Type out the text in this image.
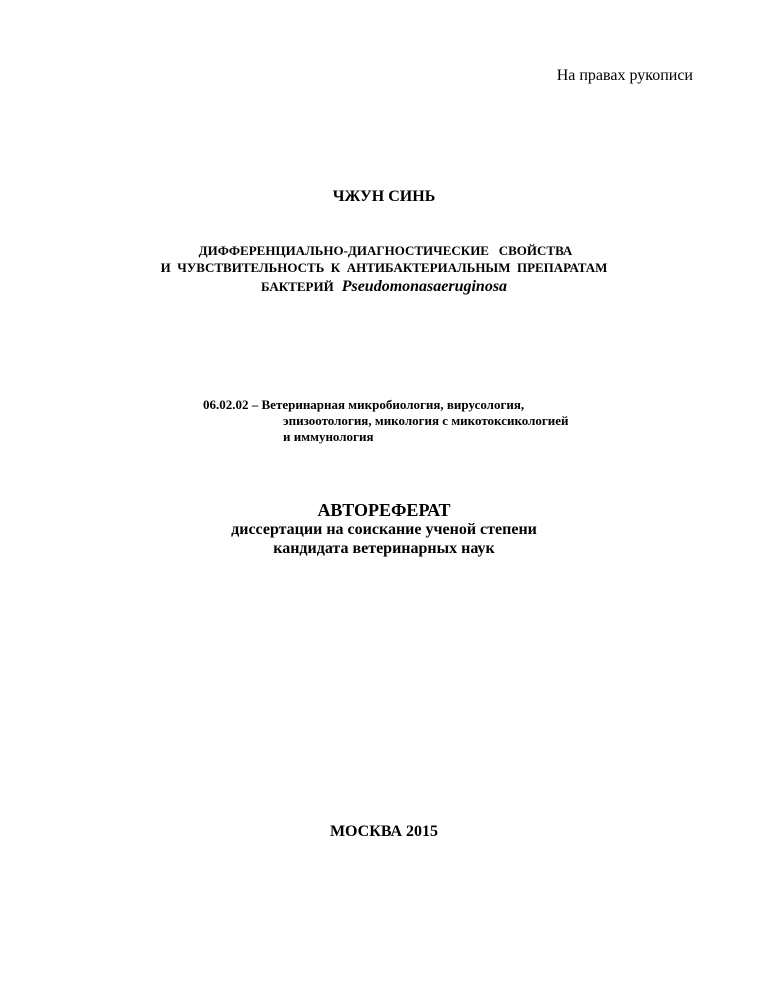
На правах рукописи

ЧЖУН СИНЬ

ДИФФЕРЕНЦИАЛЬНО-ДИАГНОСТИЧЕСКИЕ   СВОЙСТВА
И  ЧУВСТВИТЕЛЬНОСТЬ  К  АНТИБАКТЕРИАЛЬНЫМ  ПРЕПАРАТАМ
БАКТЕРИЙ Pseudomonasaeruginosa
06.02.02 – Ветеринарная микробиология, вирусология,
эпизоотология, микология с микотоксикологией
и иммунология

АВТОРЕФЕРАТ

диссертации на соискание ученой степени
кандидата ветеринарных наук

МОСКВА 2015
